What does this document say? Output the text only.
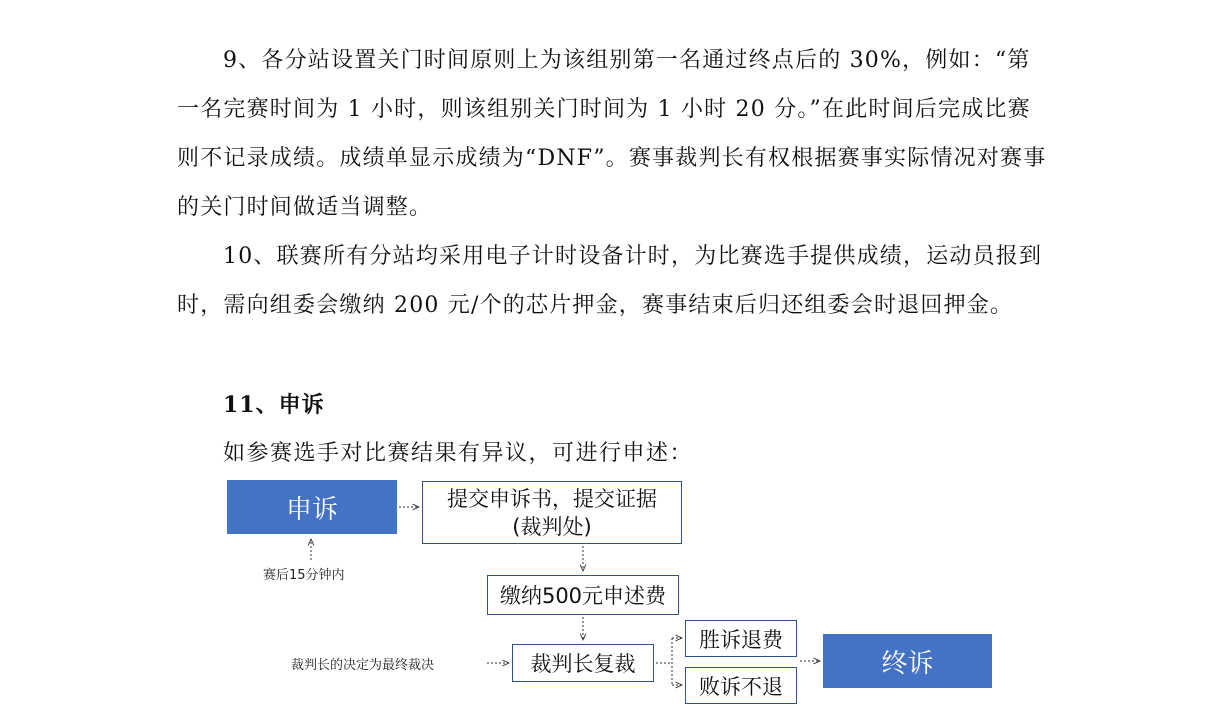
9、各分站设置关门时间原则上为该组别第一名通过终点后的 30%，例如：“第一名完赛时间为 1 小时，则该组别关门时间为 1 小时 20 分。”在此时间后完成比赛则不记录成绩。成绩单显示成绩为“DNF”。赛事裁判长有权根据赛事实际情况对赛事的关门时间做适当调整。

10、联赛所有分站均采用电子计时设备计时，为比赛选手提供成绩，运动员报到时，需向组委会缴纳 200 元/个的芯片押金，赛事结束后归还组委会时退回押金。

11、申诉
如参赛选手对比赛结果有异议，可进行申述：
申诉	提交申诉书，提交证据
(裁判处)
缴纳500元申述费
裁判长复裁
胜诉退费
败诉不退
终诉
赛后15分钟内
裁判长的决定为最终裁决
